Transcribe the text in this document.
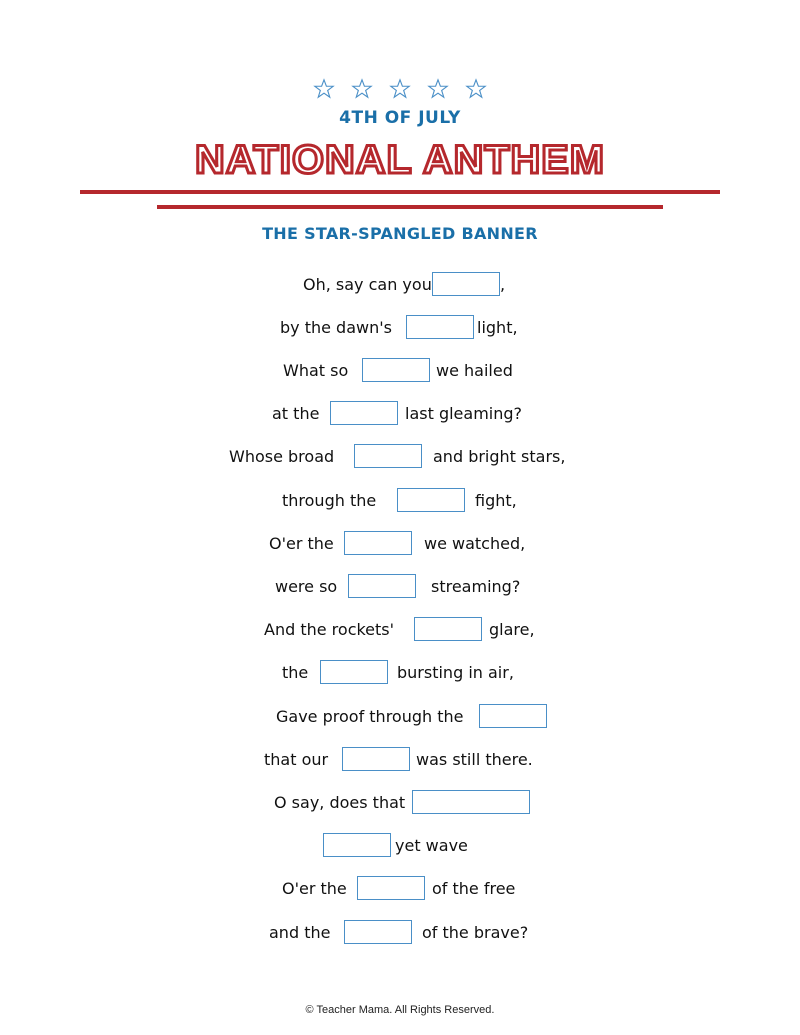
4TH OF JULY
NATIONAL ANTHEM
THE STAR-SPANGLED BANNER
Oh, say can you	,
by the dawn's	light,
What so	we hailed
at the	last gleaming?
Whose broad	and bright stars,
through the	fight,
O'er the	we watched,
were so	streaming?
And the rockets'	glare,
the	bursting in air,
Gave proof through the
that our	was still there.
O say, does that
yet wave
O'er the	of the free
and the	of the brave?
© Teacher Mama. All Rights Reserved.
